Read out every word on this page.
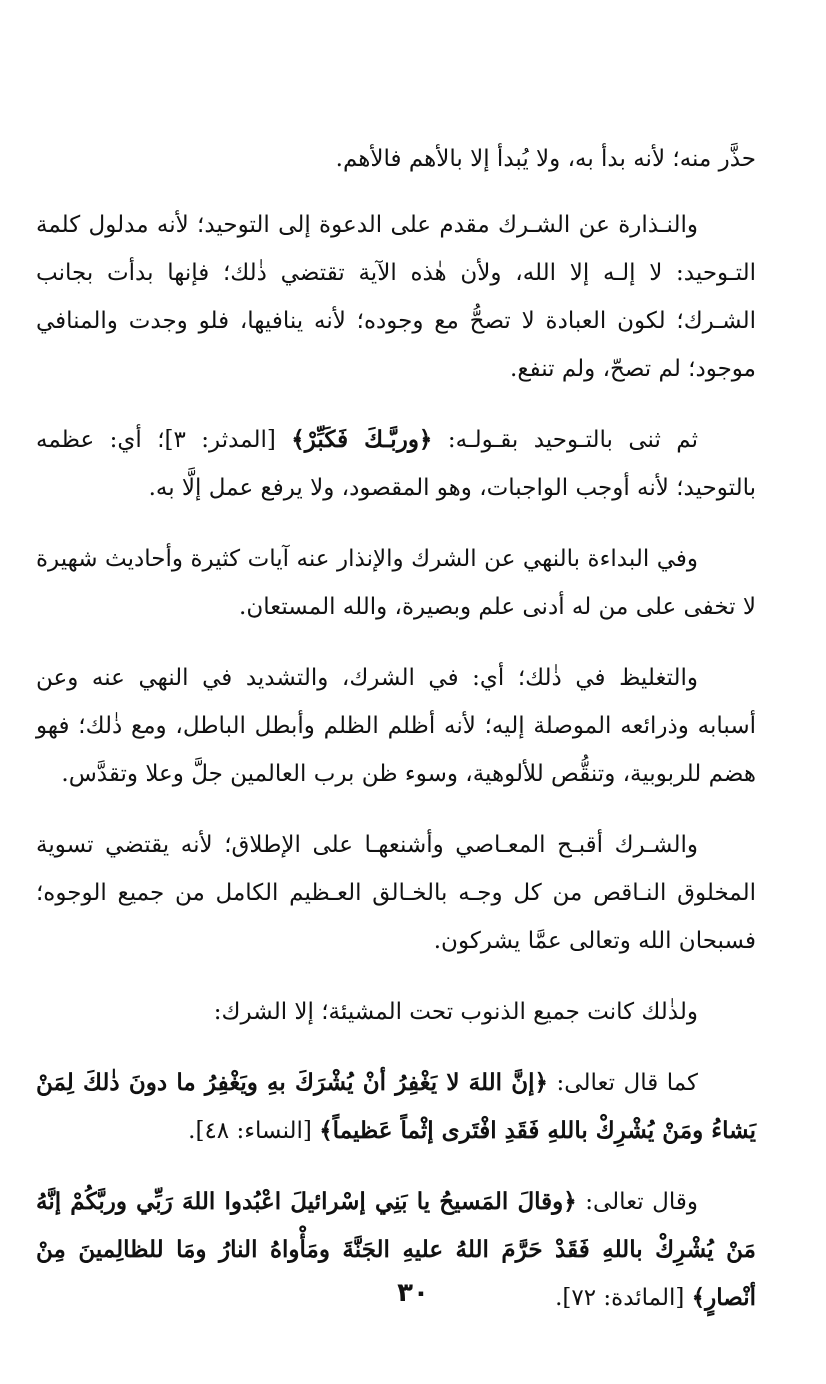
حذَّر منه؛ لأنه بدأ به، ولا يُبدأ إلا بالأهم فالأهم.

والنـذارة عن الشـرك مقدم على الدعوة إلى التوحيد؛ لأنه مدلول كلمة التـوحيد: لا إلـه إلا الله، ولأن هٰذه الآية تقتضي ذٰلك؛ فإنها بدأت بجانب الشـرك؛ لكون العبادة لا تصحُّ مع وجوده؛ لأنه ينافيها، فلو وجدت والمنافي موجود؛ لم تصحّ، ولم تنفع.

ثم ثنى بالتـوحيد بقـولـه: ﴿وربَّـكَ فَكَبِّرْ﴾ [المدثر: ٣]؛ أي: عظمه بالتوحيد؛ لأنه أوجب الواجبات، وهو المقصود، ولا يرفع عمل إلَّا به.

وفي البداءة بالنهي عن الشرك والإنذار عنه آيات كثيرة وأحاديث شهيرة لا تخفى على من له أدنى علم وبصيرة، والله المستعان.

والتغليظ في ذٰلك؛ أي: في الشرك، والتشديد في النهي عنه وعن أسبابه وذرائعه الموصلة إليه؛ لأنه أظلم الظلم وأبطل الباطل، ومع ذٰلك؛ فهو هضم للربوبية، وتنقُّص للألوهية، وسوء ظن برب العالمين جلَّ وعلا وتقدَّس.

والشـرك أقبـح المعـاصي وأشنعهـا على الإطلاق؛ لأنه يقتضي تسوية المخلوق النـاقص من كل وجـه بالخـالق العـظيم الكامل من جميع الوجوه؛ فسبحان الله وتعالى عمَّا يشركون.

ولذٰلك كانت جميع الذنوب تحت المشيئة؛ إلا الشرك:

كما قال تعالى: ﴿إنَّ اللهَ لا يَغْفِرُ أنْ يُشْرَكَ بهِ ويَغْفِرُ ما دونَ ذٰلكَ لِمَنْ يَشاءُ ومَنْ يُشْرِكْ باللهِ فَقَدِ افْتَرى إثْماً عَظيماً﴾ [النساء: ٤٨].

وقال تعالى: ﴿وقالَ المَسيحُ يا بَنِي إسْرائيلَ اعْبُدوا اللهَ رَبِّي وربَّكُمْ إنَّهُ مَنْ يُشْرِكْ باللهِ فَقَدْ حَرَّمَ اللهُ عليهِ الجَنَّةَ ومَأْواهُ النارُ ومَا للظالِمينَ مِنْ أنْصارٍ﴾ [المائدة: ٧٢].

٣٠
